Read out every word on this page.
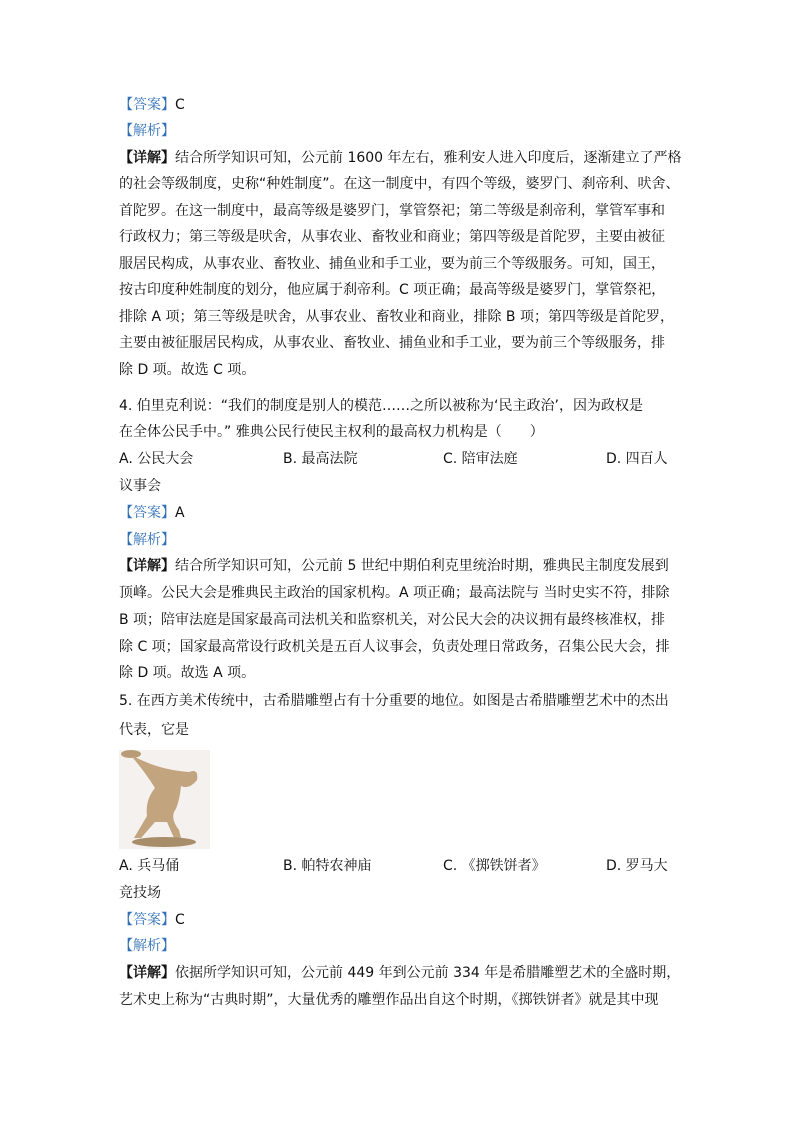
【答案】C
【解析】
【详解】结合所学知识可知，公元前 1600 年左右，雅利安人进入印度后，逐渐建立了严格
的社会等级制度，史称“种姓制度”。在这一制度中，有四个等级，婆罗门、刹帝利、吠舍、
首陀罗。在这一制度中，最高等级是婆罗门，掌管祭祀；第二等级是刹帝利，掌管军事和
行政权力；第三等级是吠舍，从事农业、畜牧业和商业；第四等级是首陀罗，主要由被征
服居民构成，从事农业、畜牧业、捕鱼业和手工业，要为前三个等级服务。可知，国王，
按古印度种姓制度的划分，他应属于刹帝利。C 项正确；最高等级是婆罗门，掌管祭祀，
排除 A 项；第三等级是吠舍，从事农业、畜牧业和商业，排除 B 项；第四等级是首陀罗，
主要由被征服居民构成，从事农业、畜牧业、捕鱼业和手工业，要为前三个等级服务，排
除 D 项。故选 C 项。
4. 伯里克利说：“我们的制度是别人的模范……之所以被称为‘民主政治’，因为政权是
在全体公民手中。” 雅典公民行使民主权利的最高权力机构是（　　）
A. 公民大会	B. 最高法院	C. 陪审法庭	D. 四百人
议事会
【答案】A
【解析】
【详解】结合所学知识可知，公元前 5 世纪中期伯利克里统治时期，雅典民主制度发展到
顶峰。公民大会是雅典民主政治的国家机构。A 项正确；最高法院与 当时史实不符，排除
B 项；陪审法庭是国家最高司法机关和监察机关，对公民大会的决议拥有最终核准权，排
除 C 项；国家最高常设行政机关是五百人议事会，负责处理日常政务，召集公民大会，排
除 D 项。故选 A 项。
5. 在西方美术传统中，古希腊雕塑占有十分重要的地位。如图是古希腊雕塑艺术中的杰出
代表，它是
A. 兵马俑	B. 帕特农神庙	C. 《掷铁饼者》	D. 罗马大
竞技场
【答案】C
【解析】
【详解】依据所学知识可知，公元前 449 年到公元前 334 年是希腊雕塑艺术的全盛时期，
艺术史上称为“古典时期”，大量优秀的雕塑作品出自这个时期，《掷铁饼者》就是其中现
